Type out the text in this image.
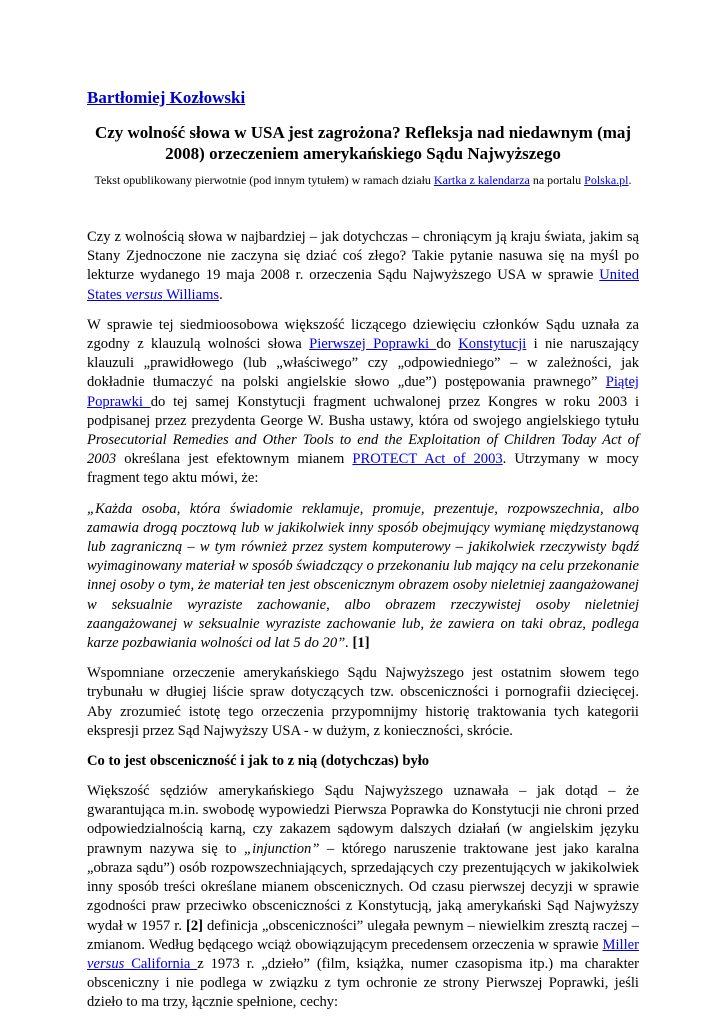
Bartłomiej Kozłowski
Czy wolność słowa w USA jest zagrożona? Refleksja nad niedawnym (maj 2008) orzeczeniem amerykańskiego Sądu Najwyższego
Tekst opublikowany pierwotnie (pod innym tytułem) w ramach działu Kartka z kalendarza na portalu Polska.pl.

Czy z wolnością słowa w najbardziej – jak dotychczas – chroniącym ją kraju świata, jakim są Stany Zjednoczone nie zaczyna się dziać coś złego? Takie pytanie nasuwa się na myśl po lekturze wydanego 19 maja 2008 r. orzeczenia Sądu Najwyższego USA w sprawie United States versus Williams.

W sprawie tej siedmioosobowa większość liczącego dziewięciu członków Sądu uznała za zgodny z klauzulą wolności słowa Pierwszej Poprawki do Konstytucji i nie naruszający klauzuli „prawidłowego (lub „właściwego” czy „odpowiedniego” – w zależności, jak dokładnie tłumaczyć na polski angielskie słowo „due”) postępowania prawnego” Piątej Poprawki do tej samej Konstytucji fragment uchwalonej przez Kongres w roku 2003 i podpisanej przez prezydenta George W. Busha ustawy, która od swojego angielskiego tytułu Prosecutorial Remedies and Other Tools to end the Exploitation of Children Today Act of 2003 określana jest efektownym mianem PROTECT Act of 2003. Utrzymany w mocy fragment tego aktu mówi, że:

„Każda osoba, która świadomie reklamuje, promuje, prezentuje, rozpowszechnia, albo zamawia drogą pocztową lub w jakikolwiek inny sposób obejmujący wymianę międzystanową lub zagraniczną – w tym również przez system komputerowy – jakikolwiek rzeczywisty bądź wyimaginowany materiał w sposób świadczący o przekonaniu lub mający na celu przekonanie innej osoby o tym, że materiał ten jest obscenicznym obrazem osoby nieletniej zaangażowanej w seksualnie wyraziste zachowanie, albo obrazem rzeczywistej osoby nieletniej zaangażowanej w seksualnie wyraziste zachowanie lub, że zawiera on taki obraz, podlega karze pozbawiania wolności od lat 5 do 20”. [1]

Wspomniane orzeczenie amerykańskiego Sądu Najwyższego jest ostatnim słowem tego trybunału w długiej liście spraw dotyczących tzw. obsceniczności i pornografii dziecięcej. Aby zrozumieć istotę tego orzeczenia przypomnijmy historię traktowania tych kategorii ekspresji przez Sąd Najwyższy USA - w dużym, z konieczności, skrócie.

Co to jest obsceniczność i jak to z nią (dotychczas) było

Większość sędziów amerykańskiego Sądu Najwyższego uznawała – jak dotąd – że gwarantująca m.in. swobodę wypowiedzi Pierwsza Poprawka do Konstytucji nie chroni przed odpowiedzialnością karną, czy zakazem sądowym dalszych działań (w angielskim języku prawnym nazywa się to „injunction” – którego naruszenie traktowane jest jako karalna „obraza sądu”) osób rozpowszechniających, sprzedających czy prezentujących w jakikolwiek inny sposób treści określane mianem obscenicznych. Od czasu pierwszej decyzji w sprawie zgodności praw przeciwko obsceniczności z Konstytucją, jaką amerykański Sąd Najwyższy wydał w 1957 r. [2] definicja „obsceniczności” ulegała pewnym – niewielkim zresztą raczej – zmianom. Według będącego wciąż obowiązującym precedensem orzeczenia w sprawie Miller versus California z 1973 r. „dzieło” (film, książka, numer czasopisma itp.) ma charakter obsceniczny i nie podlega w związku z tym ochronie ze strony Pierwszej Poprawki, jeśli dzieło to ma trzy, łącznie spełnione, cechy:
